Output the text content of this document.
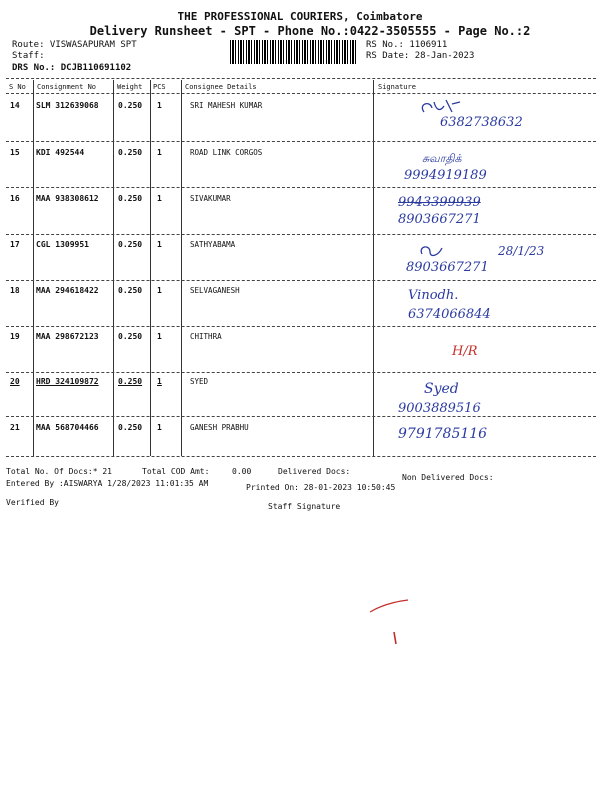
THE PROFESSIONAL COURIERS, Coimbatore
Delivery Runsheet - SPT - Phone No.:0422-3505555 - Page No.:2
Route: VISWASAPURAM SPT
Staff:
DRS No.: DCJB110691102
RS No.: 1106911
RS Date: 28-Jan-2023
S No Consignment No	Weight PCS	Consignee Details	Signature
14 SLM 312639068 0.250 1	SRI MAHESH KUMAR
6382738632
15 KDI 492544	0.250 1	ROAD LINK CORGOS	சுவாதிக்
9994919189
16 MAA 938308612 0.250 1	SIVAKUMAR	9943399939
8903667271
17 CGL 1309951	0.250 1	SATHYABAMA	28/1/23
8903667271
18 MAA 294618422 0.250 1	SELVAGANESH	Vinodh.
6374066844
19 MAA 298672123 0.250 1	CHITHRA
H/R
20 HRD 324109872 0.250 1	SYED	Syed
9003889516
21 MAA 568704466 0.250 1	GANESH PRABHU	9791785116
Total No. Of Docs:* 21	Total COD Amt:	0.00	Delivered Docs:
Non Delivered Docs:
Entered By :AISWARYA 1/28/2023 11:01:35 AM	Printed On: 28-01-2023 10:50:45
Verified By	Staff Signature
